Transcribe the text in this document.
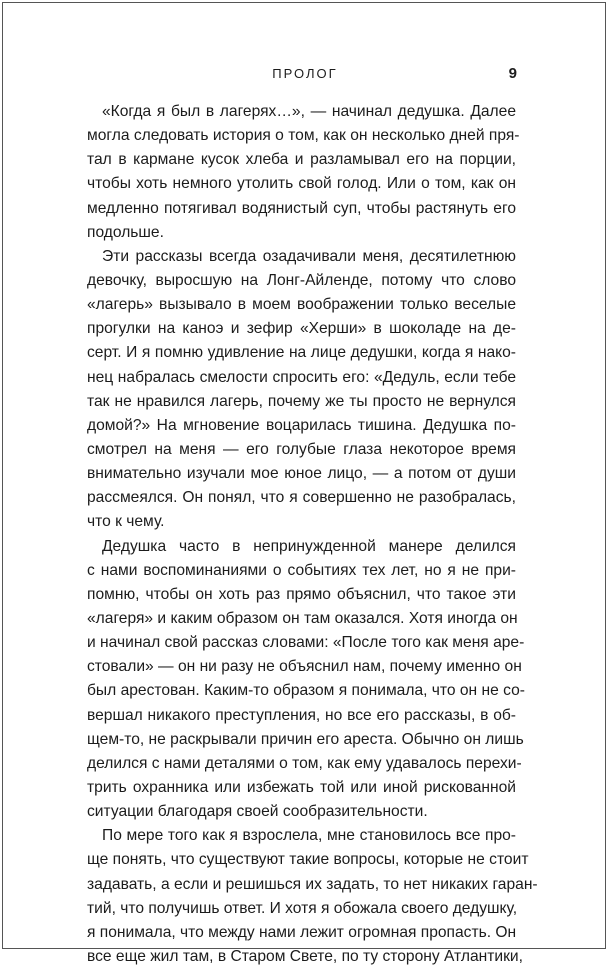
ПРОЛОГ	9
«Когда я был в лагерях…», — начинал дедушка. Далее
могла следовать история о том, как он несколько дней пря-
тал в кармане кусок хлеба и разламывал его на порции,
чтобы хоть немного утолить свой голод. Или о том, как он
медленно потягивал водянистый суп, чтобы растянуть его
подольше.
Эти рассказы всегда озадачивали меня, десятилетнюю
девочку, выросшую на Лонг-Айленде, потому что слово
«лагерь» вызывало в моем воображении только веселые
прогулки на каноэ и зефир «Херши» в шоколаде на де-
серт. И я помню удивление на лице дедушки, когда я нако-
нец набралась смелости спросить его: «Дедуль, если тебе
так не нравился лагерь, почему же ты просто не вернулся
домой?» На мгновение воцарилась тишина. Дедушка по-
смотрел на меня — его голубые глаза некоторое время
внимательно изучали мое юное лицо, — а потом от души
рассмеялся. Он понял, что я совершенно не разобралась,
что к чему.
Дедушка часто в непринужденной манере делился
с нами воспоминаниями о событиях тех лет, но я не при-
помню, чтобы он хоть раз прямо объяснил, что такое эти
«лагеря» и каким образом он там оказался. Хотя иногда он
и начинал свой рассказ словами: «После того как меня аре-
стовали» — он ни разу не объяснил нам, почему именно он
был арестован. Каким-то образом я понимала, что он не со-
вершал никакого преступления, но все его рассказы, в об-
щем-то, не раскрывали причин его ареста. Обычно он лишь
делился с нами деталями о том, как ему удавалось перехи-
трить охранника или избежать той или иной рискованной
ситуации благодаря своей сообразительности.
По мере того как я взрослела, мне становилось все про-
ще понять, что существуют такие вопросы, которые не стоит
задавать, а если и решишься их задать, то нет никаких гаран-
тий, что получишь ответ. И хотя я обожала своего дедушку,
я понимала, что между нами лежит огромная пропасть. Он
все еще жил там, в Старом Свете, по ту сторону Атлантики,
